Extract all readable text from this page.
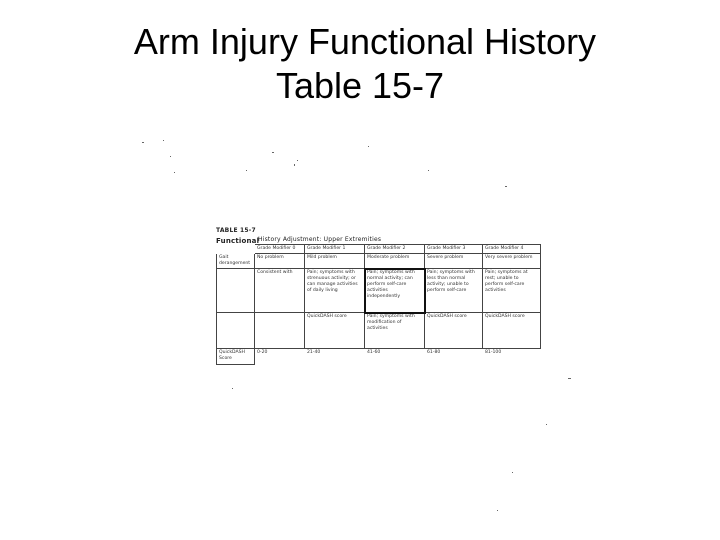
Arm Injury Functional History
Table 15-7
TABLE 15-7
Functional
History Adjustment: Upper Extremities
	Grade Modifier 0	Grade Modifier 1	Grade Modifier 2	Grade Modifier 3	Grade Modifier 4
Gait derangement	No problem	Mild problem	Moderate problem	Severe problem	Very severe problem
	Consistent with	Pain; symptoms with strenuous activity; or can manage activities of daily living	Pain; symptoms with normal activity; can perform self-care activities independently	Pain; symptoms with less than normal activity; unable to perform self-care	Pain; symptoms at rest; unable to perform self-care activities
		QuickDASH score	Pain; symptoms with modification of activities	QuickDASH score	QuickDASH score
QuickDASH Score	0-20	21-40	41-60	61-80	81-100
